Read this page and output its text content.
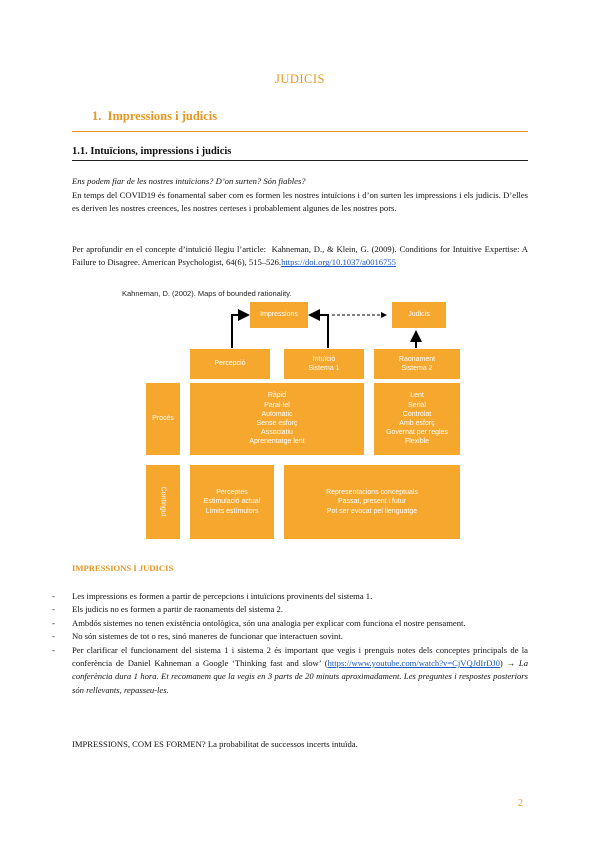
JUDICIS
1.  Impressions i judicis
1.1. Intuïcions, impressions i judicis
Ens podem fiar de les nostres intuïcions? D’on surten? Són fiables?
En temps del COVID19 és fonamental saber com es formen les nostres intuïcions i d’on surten les impressions i els judicis. D’elles es deriven les nostres creences, les nostres certeses i probablement algunes de les nostres pors.
Per aprofundir en el concepte d’intuïció llegiu l’article:  Kahneman, D., & Klein, G. (2009). Conditions for Intuitive Expertise: A Failure to Disagree. American Psychologist, 64(6), 515–526.https://doi.org/10.1037/a0016755
Kahneman, D. (2002). Maps of bounded rationality.
Impressions	Judicis
Percepció
Intuïció
Sistema 1
Raonament
Sistema 2
Procés
Ràpid
Paral·lel
Automàtic
Sense esforç
Associatiu
Aprenentatge lent
Lent
Serial
Controlat
Amb esforç
Governat per regles
Flexible
Contingut	Perceptes
Estimulació actual
Límits estímulors
Representacions conceptuals
Passat, present i futur
Pot ser evocat pel llenguatge
IMPRESSIONS I JUDICIS
- Les impressions es formen a partir de percepcions i intuïcions provinents del sistema 1.
- Els judicis no es formen a partir de raonaments del sistema 2.
- Ambdós sistemes no tenen existència ontològica, són una analogia per explicar com funciona el nostre pensament.
- No són sistemes de tot o res, sinó maneres de funcionar que interactuen sovint.
- Per clarificar el funcionament del sistema 1 i sistema 2 és important que vegis i prenguis notes dels conceptes principals de la conferència de Daniel Kahneman a Google ‘Thinking fast and slow’ (https://www.youtube.com/watch?v=CjVQJdIrDJ0) → La conferència dura 1 hora. Et recomanem que la vegis en 3 parts de 20 minuts aproximadament. Les preguntes i respostes posteriors són rellevants, repasseu-les.
IMPRESSIONS, COM ES FORMEN? La probabilitat de successos incerts intuïda.
2
